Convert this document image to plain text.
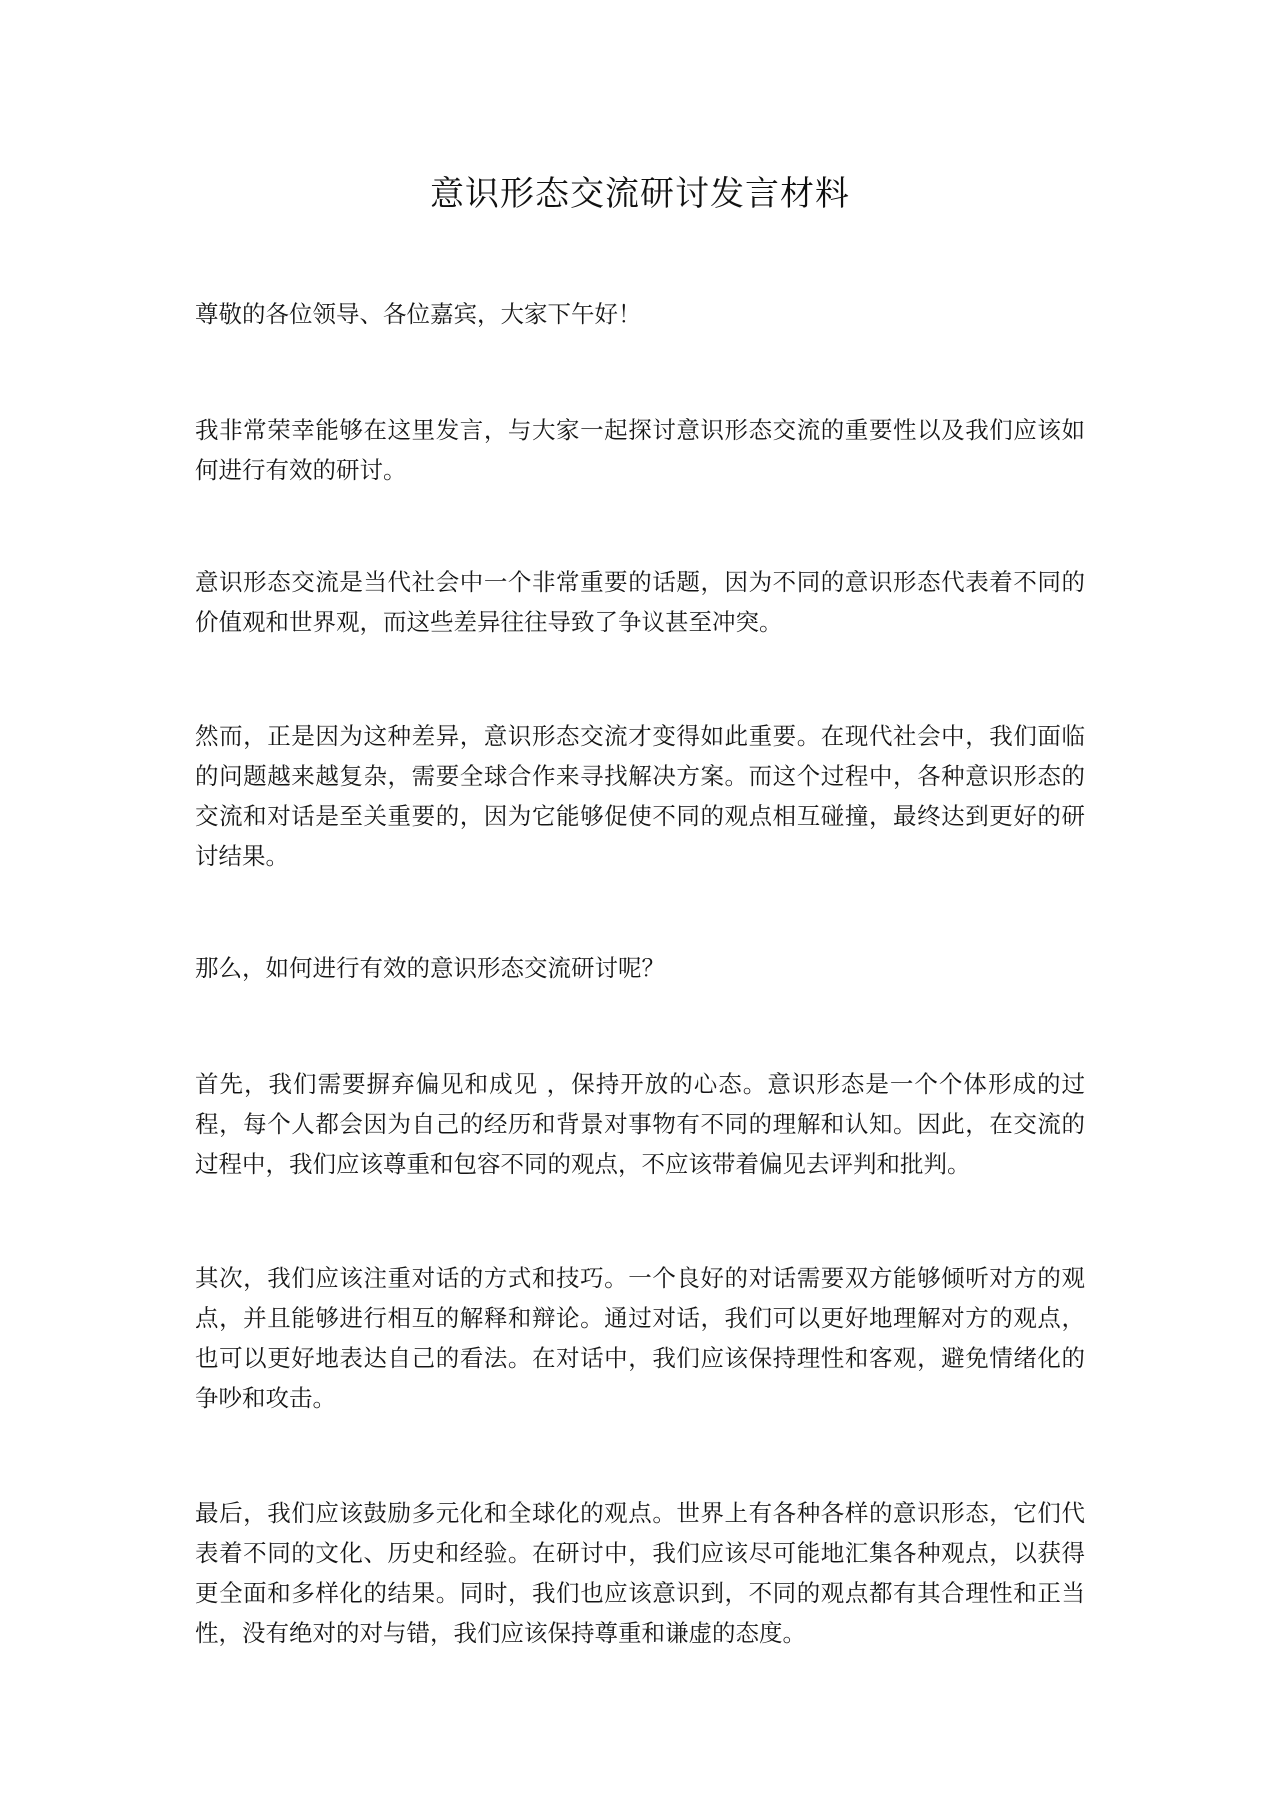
意识形态交流研讨发言材料

尊敬的各位领导、各位嘉宾，大家下午好！

我非常荣幸能够在这里发言，与大家一起探讨意识形态交流的重要性以及我们应该如何进行有效的研讨。

意识形态交流是当代社会中一个非常重要的话题，因为不同的意识形态代表着不同的价值观和世界观，而这些差异往往导致了争议甚至冲突。

然而，正是因为这种差异，意识形态交流才变得如此重要。在现代社会中，我们面临的问题越来越复杂，需要全球合作来寻找解决方案。而这个过程中，各种意识形态的交流和对话是至关重要的，因为它能够促使不同的观点相互碰撞，最终达到更好的研讨结果。

那么，如何进行有效的意识形态交流研讨呢？

首先，我们需要摒弃偏见和成见 ，保持开放的心态。意识形态是一个个体形成的过程，每个人都会因为自己的经历和背景对事物有不同的理解和认知。因此，在交流的过程中，我们应该尊重和包容不同的观点，不应该带着偏见去评判和批判。

其次，我们应该注重对话的方式和技巧。一个良好的对话需要双方能够倾听对方的观点，并且能够进行相互的解释和辩论。通过对话，我们可以更好地理解对方的观点，也可以更好地表达自己的看法。在对话中，我们应该保持理性和客观，避免情绪化的争吵和攻击。

最后，我们应该鼓励多元化和全球化的观点。世界上有各种各样的意识形态，它们代表着不同的文化、历史和经验。在研讨中，我们应该尽可能地汇集各种观点，以获得更全面和多样化的结果。同时，我们也应该意识到，不同的观点都有其合理性和正当性，没有绝对的对与错，我们应该保持尊重和谦虚的态度。
